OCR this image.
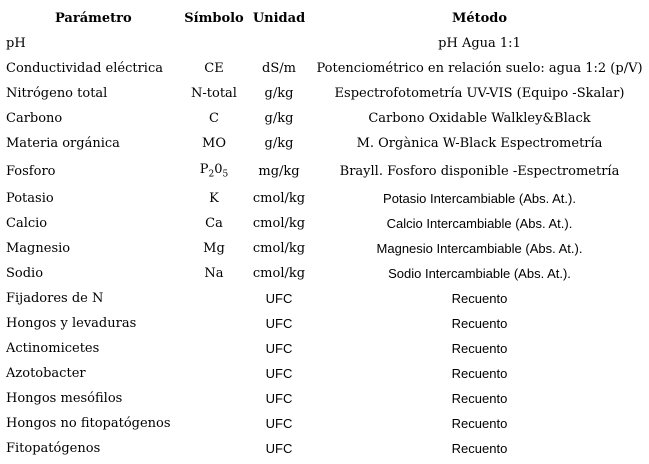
Parámetro	Símbolo	Unidad	Método
pH			pH Agua 1:1
Conductividad eléctrica	CE	dS/m	Potenciométrico en relación suelo: agua 1:2 (p/V)
Nitrógeno total	N-total	g/kg	Espectrofotometría UV-VIS (Equipo -Skalar)
Carbono	C	g/kg	Carbono Oxidable Walkley&Black
Materia orgánica	MO	g/kg	M. Orgànica W-Black Espectrometría
Fosforo	$P_20_5$	mg/kg	Brayll. Fosforo disponible -Espectrometría
Potasio	K	cmol/kg	Potasio Intercambiable (Abs. At.).
Calcio	Ca	cmol/kg	Calcio Intercambiable (Abs. At.).
Magnesio	Mg	cmol/kg	Magnesio Intercambiable (Abs. At.).
Sodio	Na	cmol/kg	Sodio Intercambiable (Abs. At.).
Fijadores de N		UFC	Recuento
Hongos y levaduras		UFC	Recuento
Actinomicetes		UFC	Recuento
Azotobacter		UFC	Recuento
Hongos mesófilos		UFC	Recuento
Hongos no fitopatógenos		UFC	Recuento
Fitopatógenos		UFC	Recuento
